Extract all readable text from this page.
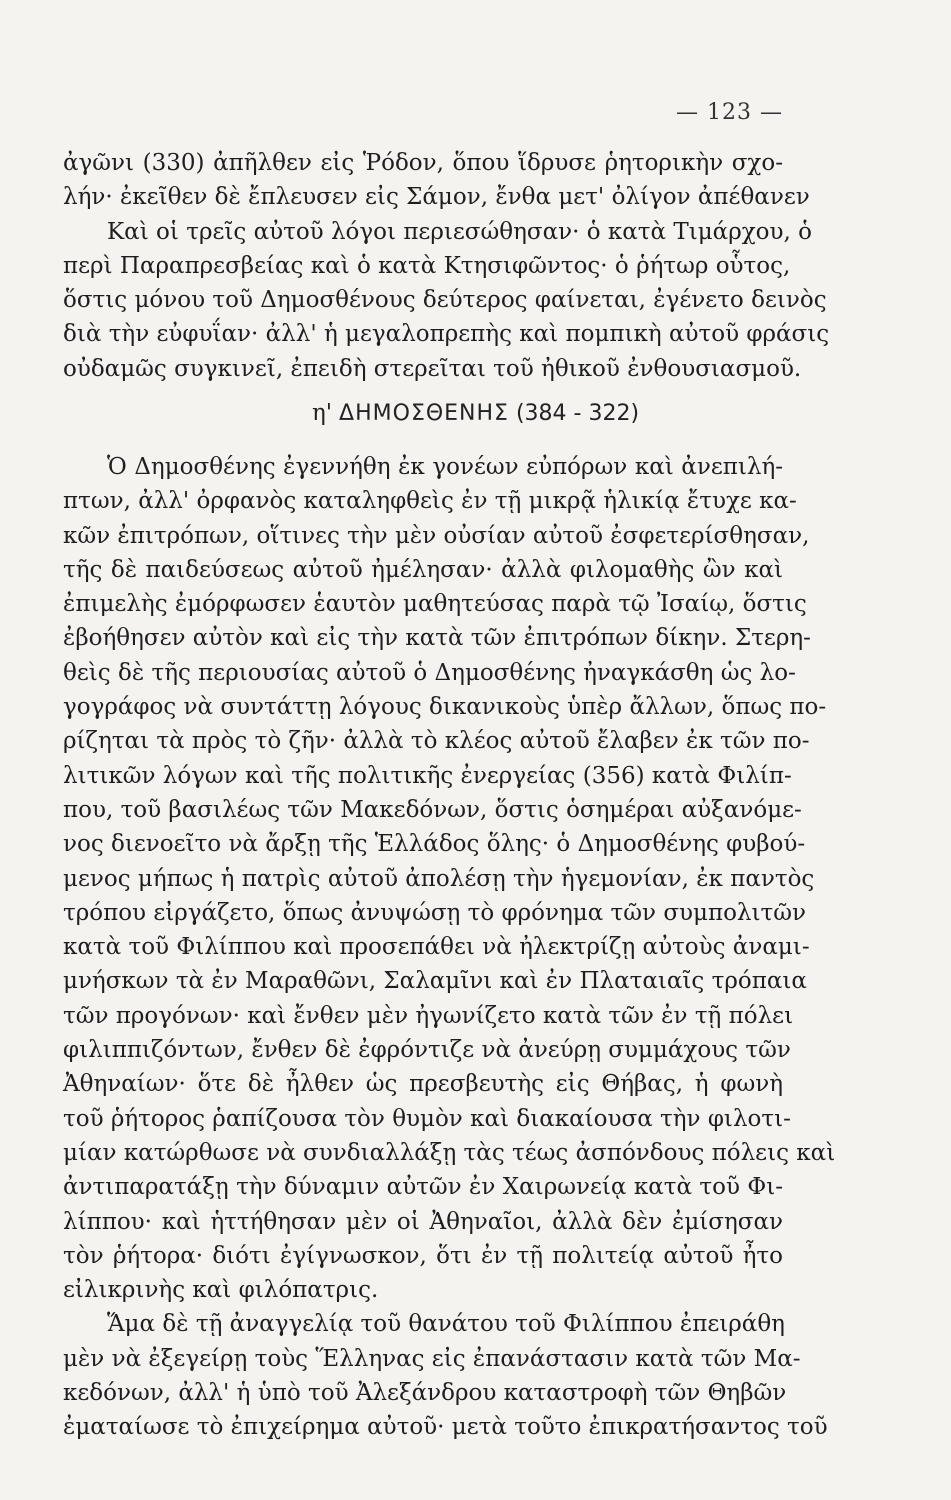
— 123 —
ἀγῶνι (330) ἀπῆλθεν εἰς Ῥόδον, ὅπου ἵδρυσε ῥητορικὴν σχο-
λήν· ἐκεῖθεν δὲ ἔπλευσεν εἰς Σάμον, ἔνθα μετ' ὀλίγον ἀπέθανεν
Καὶ οἱ τρεῖς αὐτοῦ λόγοι περιεσώθησαν· ὁ κατὰ Τιμάρχου, ὁ
περὶ Παραπρεσβείας καὶ ὁ κατὰ Κτησιφῶντος· ὁ ῥήτωρ οὗτος,
ὅστις μόνου τοῦ Δημοσθένους δεύτερος φαίνεται, ἐγένετο δεινὸς
διὰ τὴν εὐφυΐαν· ἀλλ' ἡ μεγαλοπρεπὴς καὶ πομπικὴ αὐτοῦ φράσις
οὐδαμῶς συγκινεῖ, ἐπειδὴ στερεῖται τοῦ ἠθικοῦ ἐνθουσιασμοῦ.
η' ΔΗΜΟΣΘΕΝΗΣ (384 - 322)
Ὁ Δημοσθένης ἐγεννήθη ἐκ γονέων εὐπόρων καὶ ἀνεπιλή-
πτων, ἀλλ' ὀρφανὸς καταληφθεὶς ἐν τῇ μικρᾷ ἡλικίᾳ ἔτυχε κα-
κῶν ἐπιτρόπων, οἵτινες τὴν μὲν οὐσίαν αὐτοῦ ἐσφετερίσθησαν,
τῆς δὲ παιδεύσεως αὐτοῦ ἠμέλησαν· ἀλλὰ φιλομαθὴς ὢν καὶ
ἐπιμελὴς ἐμόρφωσεν ἑαυτὸν μαθητεύσας παρὰ τῷ Ἰσαίῳ, ὅστις
ἐβοήθησεν αὐτὸν καὶ εἰς τὴν κατὰ τῶν ἐπιτρόπων δίκην. Στερη-
θεὶς δὲ τῆς περιουσίας αὐτοῦ ὁ Δημοσθένης ἠναγκάσθη ὡς λο-
γογράφος νὰ συντάττῃ λόγους δικανικοὺς ὑπὲρ ἄλλων, ὅπως πο-
ρίζηται τὰ πρὸς τὸ ζῆν· ἀλλὰ τὸ κλέος αὐτοῦ ἔλαβεν ἐκ τῶν πο-
λιτικῶν λόγων καὶ τῆς πολιτικῆς ἐνεργείας (356) κατὰ Φιλίπ-
που, τοῦ βασιλέως τῶν Μακεδόνων, ὅστις ὁσημέραι αὐξανόμε-
νος διενοεῖτο νὰ ἄρξῃ τῆς Ἑλλάδος ὅλης· ὁ Δημοσθένης φυβού-
μενος μήπως ἡ πατρὶς αὐτοῦ ἀπολέσῃ τὴν ἡγεμονίαν, ἐκ παντὸς
τρόπου εἰργάζετο, ὅπως ἀνυψώσῃ τὸ φρόνημα τῶν συμπολιτῶν
κατὰ τοῦ Φιλίππου καὶ προσεπάθει νὰ ἠλεκτρίζῃ αὐτοὺς ἀναμι-
μνήσκων τὰ ἐν Μαραθῶνι, Σαλαμῖνι καὶ ἐν Πλαταιαῖς τρόπαια
τῶν προγόνων· καὶ ἔνθεν μὲν ἠγωνίζετο κατὰ τῶν ἐν τῇ πόλει
φιλιππιζόντων, ἔνθεν δὲ ἐφρόντιζε νὰ ἀνεύρῃ συμμάχους τῶν
Ἀθηναίων· ὅτε δὲ ἦλθεν ὡς πρεσβευτὴς εἰς Θήβας, ἡ φωνὴ
τοῦ ῥήτορος ῥαπίζουσα τὸν θυμὸν καὶ διακαίουσα τὴν φιλοτι-
μίαν κατώρθωσε νὰ συνδιαλλάξῃ τὰς τέως ἀσπόνδους πόλεις καὶ
ἀντιπαρατάξῃ τὴν δύναμιν αὐτῶν ἐν Χαιρωνείᾳ κατὰ τοῦ Φι-
λίππου· καὶ ἡττήθησαν μὲν οἱ Ἀθηναῖοι, ἀλλὰ δὲν ἐμίσησαν
τὸν ῥήτορα· διότι ἐγίγνωσκον, ὅτι ἐν τῇ πολιτείᾳ αὐτοῦ ἦτο
εἰλικρινὴς καὶ φιλόπατρις.
Ἅμα δὲ τῇ ἀναγγελίᾳ τοῦ θανάτου τοῦ Φιλίππου ἐπειράθη
μὲν νὰ ἐξεγείρῃ τοὺς Ἕλληνας εἰς ἐπανάστασιν κατὰ τῶν Μα-
κεδόνων, ἀλλ' ἡ ὑπὸ τοῦ Ἀλεξάνδρου καταστροφὴ τῶν Θηβῶν
ἐματαίωσε τὸ ἐπιχείρημα αὐτοῦ· μετὰ τοῦτο ἐπικρατήσαντος τοῦ
